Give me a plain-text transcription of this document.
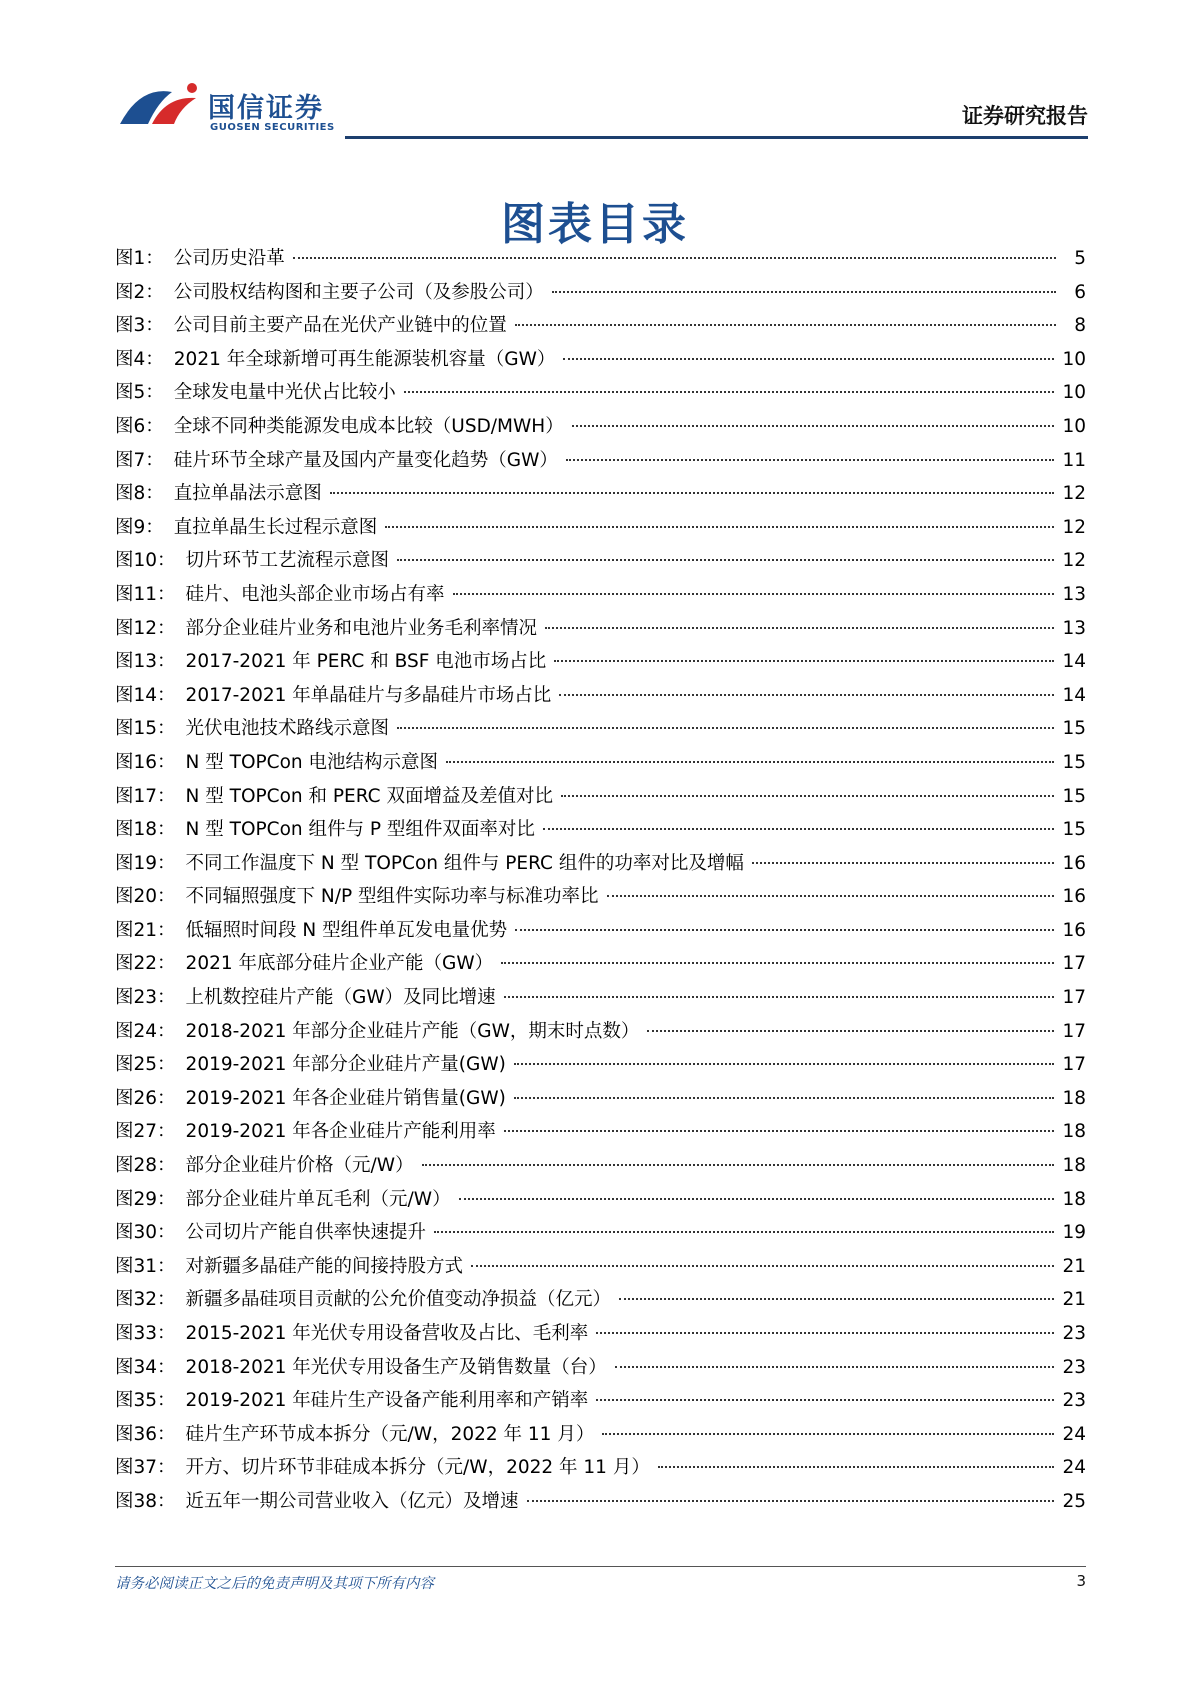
国信证券
GUOSEN SECURITIES	证券研究报告
图表目录
图1： 公司历史沿革	5
图2： 公司股权结构图和主要子公司（及参股公司）	6
图3： 公司目前主要产品在光伏产业链中的位置	8
图4： 2021 年全球新增可再生能源装机容量（GW）	10
图5： 全球发电量中光伏占比较小	10
图6： 全球不同种类能源发电成本比较（USD/MWH）	10
图7： 硅片环节全球产量及国内产量变化趋势（GW）	11
图8： 直拉单晶法示意图	12
图9： 直拉单晶生长过程示意图	12
图10： 切片环节工艺流程示意图	12
图11： 硅片、电池头部企业市场占有率	13
图12： 部分企业硅片业务和电池片业务毛利率情况	13
图13： 2017-2021 年 PERC 和 BSF 电池市场占比	14
图14： 2017-2021 年单晶硅片与多晶硅片市场占比	14
图15： 光伏电池技术路线示意图	15
图16： N 型 TOPCon 电池结构示意图	15
图17： N 型 TOPCon 和 PERC 双面增益及差值对比	15
图18： N 型 TOPCon 组件与 P 型组件双面率对比	15
图19： 不同工作温度下 N 型 TOPCon 组件与 PERC 组件的功率对比及增幅	16
图20： 不同辐照强度下 N/P 型组件实际功率与标准功率比	16
图21： 低辐照时间段 N 型组件单瓦发电量优势	16
图22： 2021 年底部分硅片企业产能（GW）	17
图23： 上机数控硅片产能（GW）及同比增速	17
图24： 2018-2021 年部分企业硅片产能（GW，期末时点数）	17
图25： 2019-2021 年部分企业硅片产量(GW)	17
图26： 2019-2021 年各企业硅片销售量(GW)	18
图27： 2019-2021 年各企业硅片产能利用率	18
图28： 部分企业硅片价格（元/W）	18
图29： 部分企业硅片单瓦毛利（元/W）	18
图30： 公司切片产能自供率快速提升	19
图31： 对新疆多晶硅产能的间接持股方式	21
图32： 新疆多晶硅项目贡献的公允价值变动净损益（亿元）	21
图33： 2015-2021 年光伏专用设备营收及占比、毛利率	23
图34： 2018-2021 年光伏专用设备生产及销售数量（台）	23
图35： 2019-2021 年硅片生产设备产能利用率和产销率	23
图36： 硅片生产环节成本拆分（元/W，2022 年 11 月）	24
图37： 开方、切片环节非硅成本拆分（元/W，2022 年 11 月）	24
图38： 近五年一期公司营业收入（亿元）及增速	25
请务必阅读正文之后的免责声明及其项下所有内容	3
